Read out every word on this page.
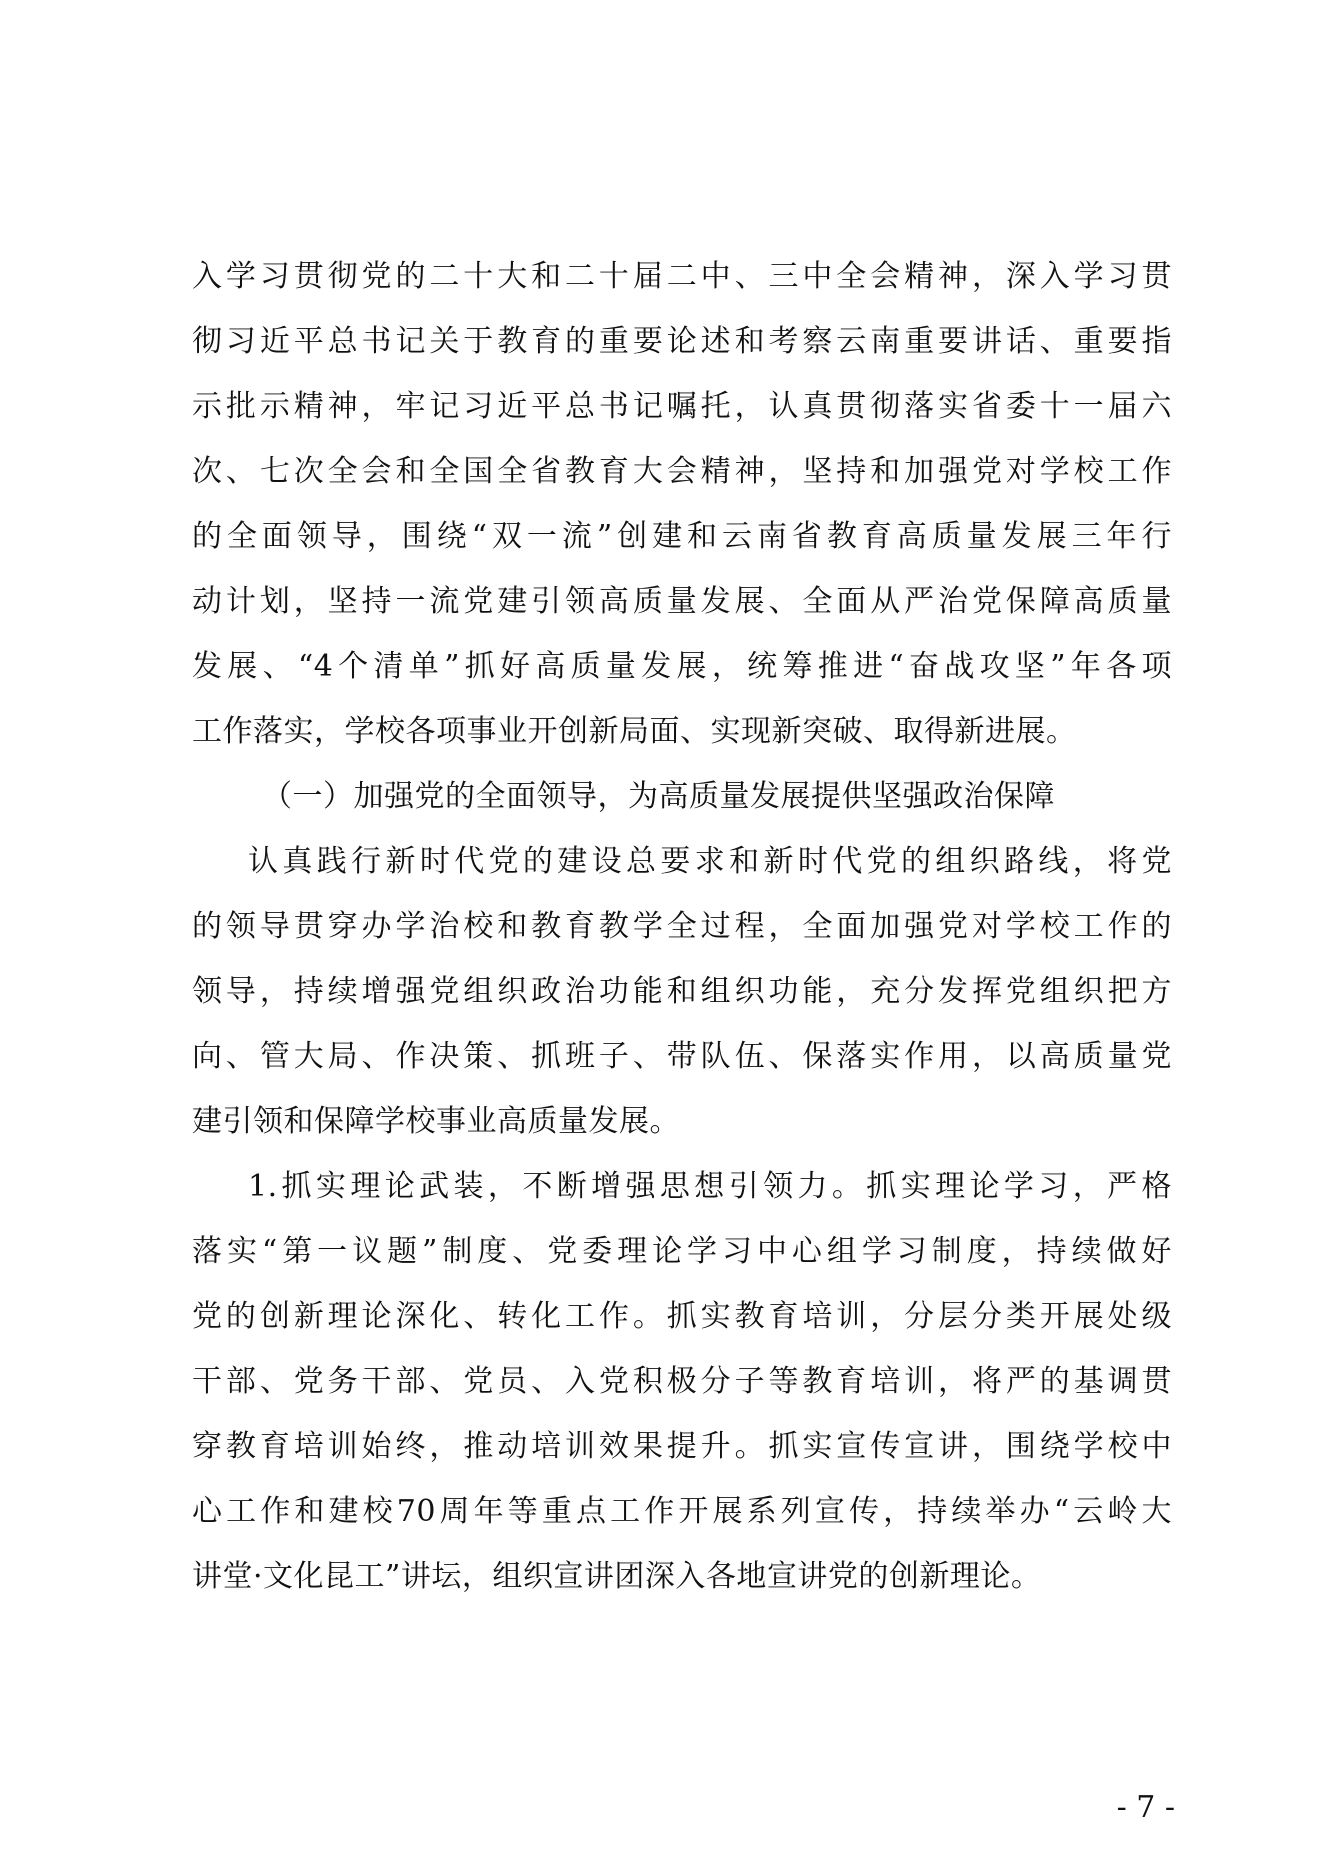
入学习贯彻党的二十大和二十届二中、三中全会精神，深入学习贯
彻习近平总书记关于教育的重要论述和考察云南重要讲话、重要指
示批示精神，牢记习近平总书记嘱托，认真贯彻落实省委十一届六
次、七次全会和全国全省教育大会精神，坚持和加强党对学校工作
的全面领导，围绕“双一流”创建和云南省教育高质量发展三年行
动计划，坚持一流党建引领高质量发展、全面从严治党保障高质量
发展、“4个清单”抓好高质量发展，统筹推进“奋战攻坚”年各项
工作落实，学校各项事业开创新局面、实现新突破、取得新进展。
（一）加强党的全面领导，为高质量发展提供坚强政治保障
认真践行新时代党的建设总要求和新时代党的组织路线，将党
的领导贯穿办学治校和教育教学全过程，全面加强党对学校工作的
领导，持续增强党组织政治功能和组织功能，充分发挥党组织把方
向、管大局、作决策、抓班子、带队伍、保落实作用，以高质量党
建引领和保障学校事业高质量发展。
1.抓实理论武装，不断增强思想引领力。抓实理论学习，严格
落实“第一议题”制度、党委理论学习中心组学习制度，持续做好
党的创新理论深化、转化工作。抓实教育培训，分层分类开展处级
干部、党务干部、党员、入党积极分子等教育培训，将严的基调贯
穿教育培训始终，推动培训效果提升。抓实宣传宣讲，围绕学校中
心工作和建校70周年等重点工作开展系列宣传，持续举办“云岭大
讲堂·文化昆工”讲坛，组织宣讲团深入各地宣讲党的创新理论。
- 7 -
